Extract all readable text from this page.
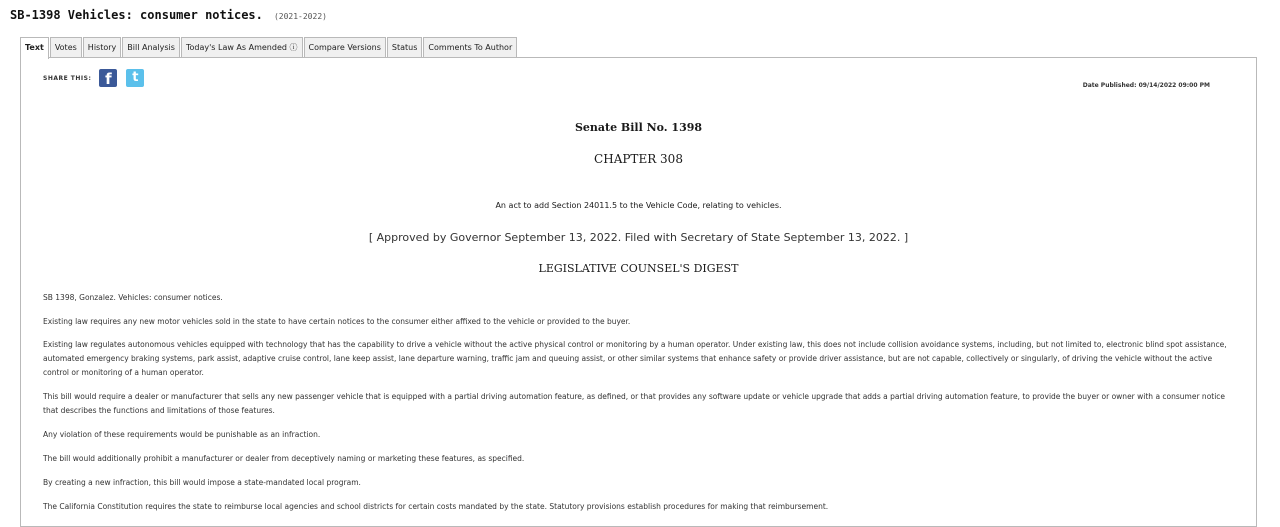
SB-1398 Vehicles: consumer notices. (2021-2022)
Text	Votes	History	Bill Analysis	Today's Law As Amended ⓘ	Compare Versions	Status	Comments To Author
SHARE THIS: f	t
Date Published: 09/14/2022 09:00 PM
Senate Bill No. 1398
CHAPTER 308
An act to add Section 24011.5 to the Vehicle Code, relating to vehicles.
[ Approved by Governor September 13, 2022. Filed with Secretary of State September 13, 2022. ]
LEGISLATIVE COUNSEL'S DIGEST

SB 1398, Gonzalez. Vehicles: consumer notices.

Existing law requires any new motor vehicles sold in the state to have certain notices to the consumer either affixed to the vehicle or provided to the buyer.

Existing law regulates autonomous vehicles equipped with technology that has the capability to drive a vehicle without the active physical control or monitoring by a human operator. Under existing law, this does not include collision avoidance systems, including, but not limited to, electronic blind spot assistance, automated emergency braking systems, park assist, adaptive cruise control, lane keep assist, lane departure warning, traffic jam and queuing assist, or other similar systems that enhance safety or provide driver assistance, but are not capable, collectively or singularly, of driving the vehicle without the active control or monitoring of a human operator.

This bill would require a dealer or manufacturer that sells any new passenger vehicle that is equipped with a partial driving automation feature, as defined, or that provides any software update or vehicle upgrade that adds a partial driving automation feature, to provide the buyer or owner with a consumer notice that describes the functions and limitations of those features.

Any violation of these requirements would be punishable as an infraction.

The bill would additionally prohibit a manufacturer or dealer from deceptively naming or marketing these features, as specified.

By creating a new infraction, this bill would impose a state-mandated local program.

The California Constitution requires the state to reimburse local agencies and school districts for certain costs mandated by the state. Statutory provisions establish procedures for making that reimbursement.
